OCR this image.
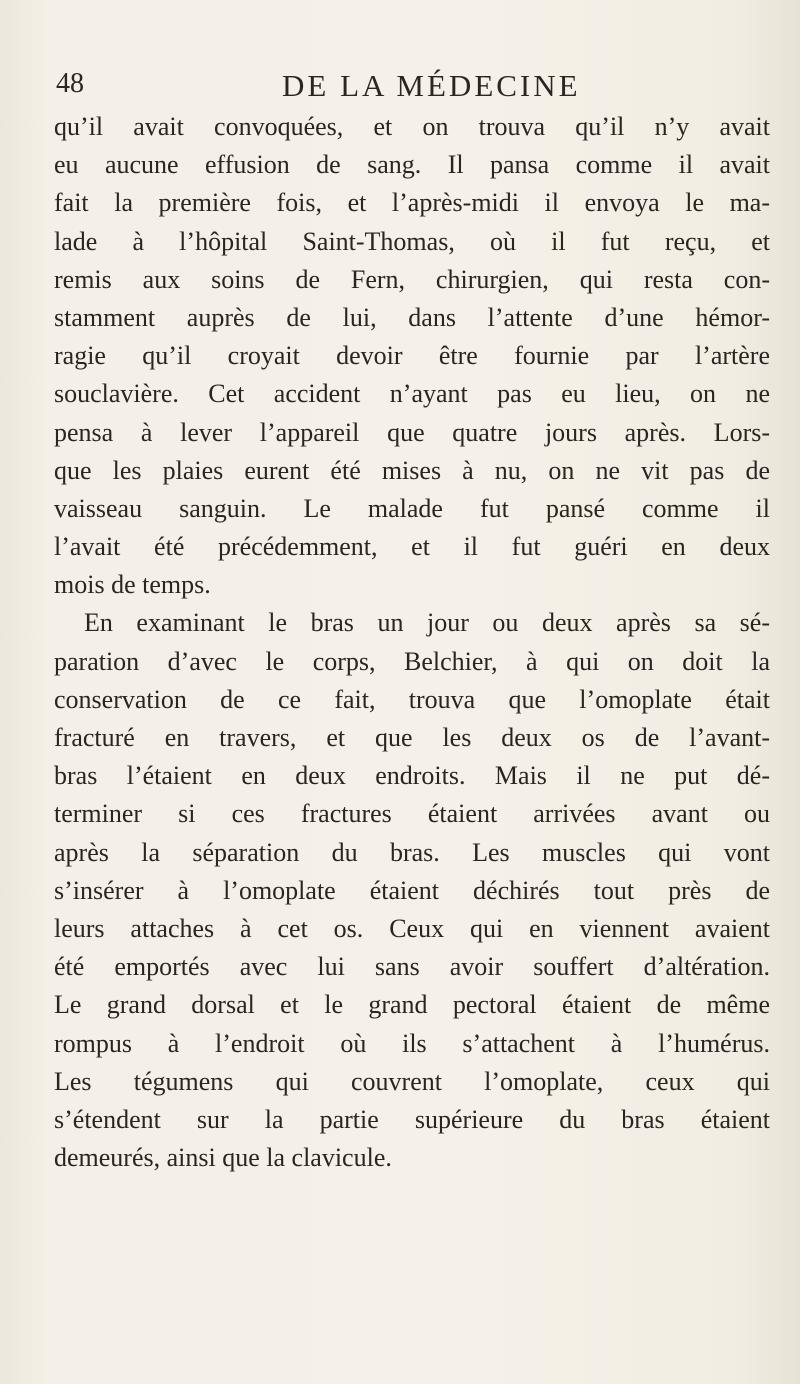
48	DE LA MÉDECINE
qu’il avait convoquées, et on trouva qu’il n’y avait
eu aucune effusion de sang. Il pansa comme il avait
fait la première fois, et l’après-midi il envoya le ma-
lade à l’hôpital Saint-Thomas, où il fut reçu, et
remis aux soins de Fern, chirurgien, qui resta con-
stamment auprès de lui, dans l’attente d’une hémor-
ragie qu’il croyait devoir être fournie par l’artère
souclavière. Cet accident n’ayant pas eu lieu, on ne
pensa à lever l’appareil que quatre jours après. Lors-
que les plaies eurent été mises à nu, on ne vit pas de
vaisseau sanguin. Le malade fut pansé comme il
l’avait été précédemment, et il fut guéri en deux
mois de temps.
En examinant le bras un jour ou deux après sa sé-
paration d’avec le corps, Belchier, à qui on doit la
conservation de ce fait, trouva que l’omoplate était
fracturé en travers, et que les deux os de l’avant-
bras l’étaient en deux endroits. Mais il ne put dé-
terminer si ces fractures étaient arrivées avant ou
après la séparation du bras. Les muscles qui vont
s’insérer à l’omoplate étaient déchirés tout près de
leurs attaches à cet os. Ceux qui en viennent avaient
été emportés avec lui sans avoir souffert d’altération.
Le grand dorsal et le grand pectoral étaient de même
rompus à l’endroit où ils s’attachent à l’humérus.
Les tégumens qui couvrent l’omoplate, ceux qui
s’étendent sur la partie supérieure du bras étaient
demeurés, ainsi que la clavicule.
